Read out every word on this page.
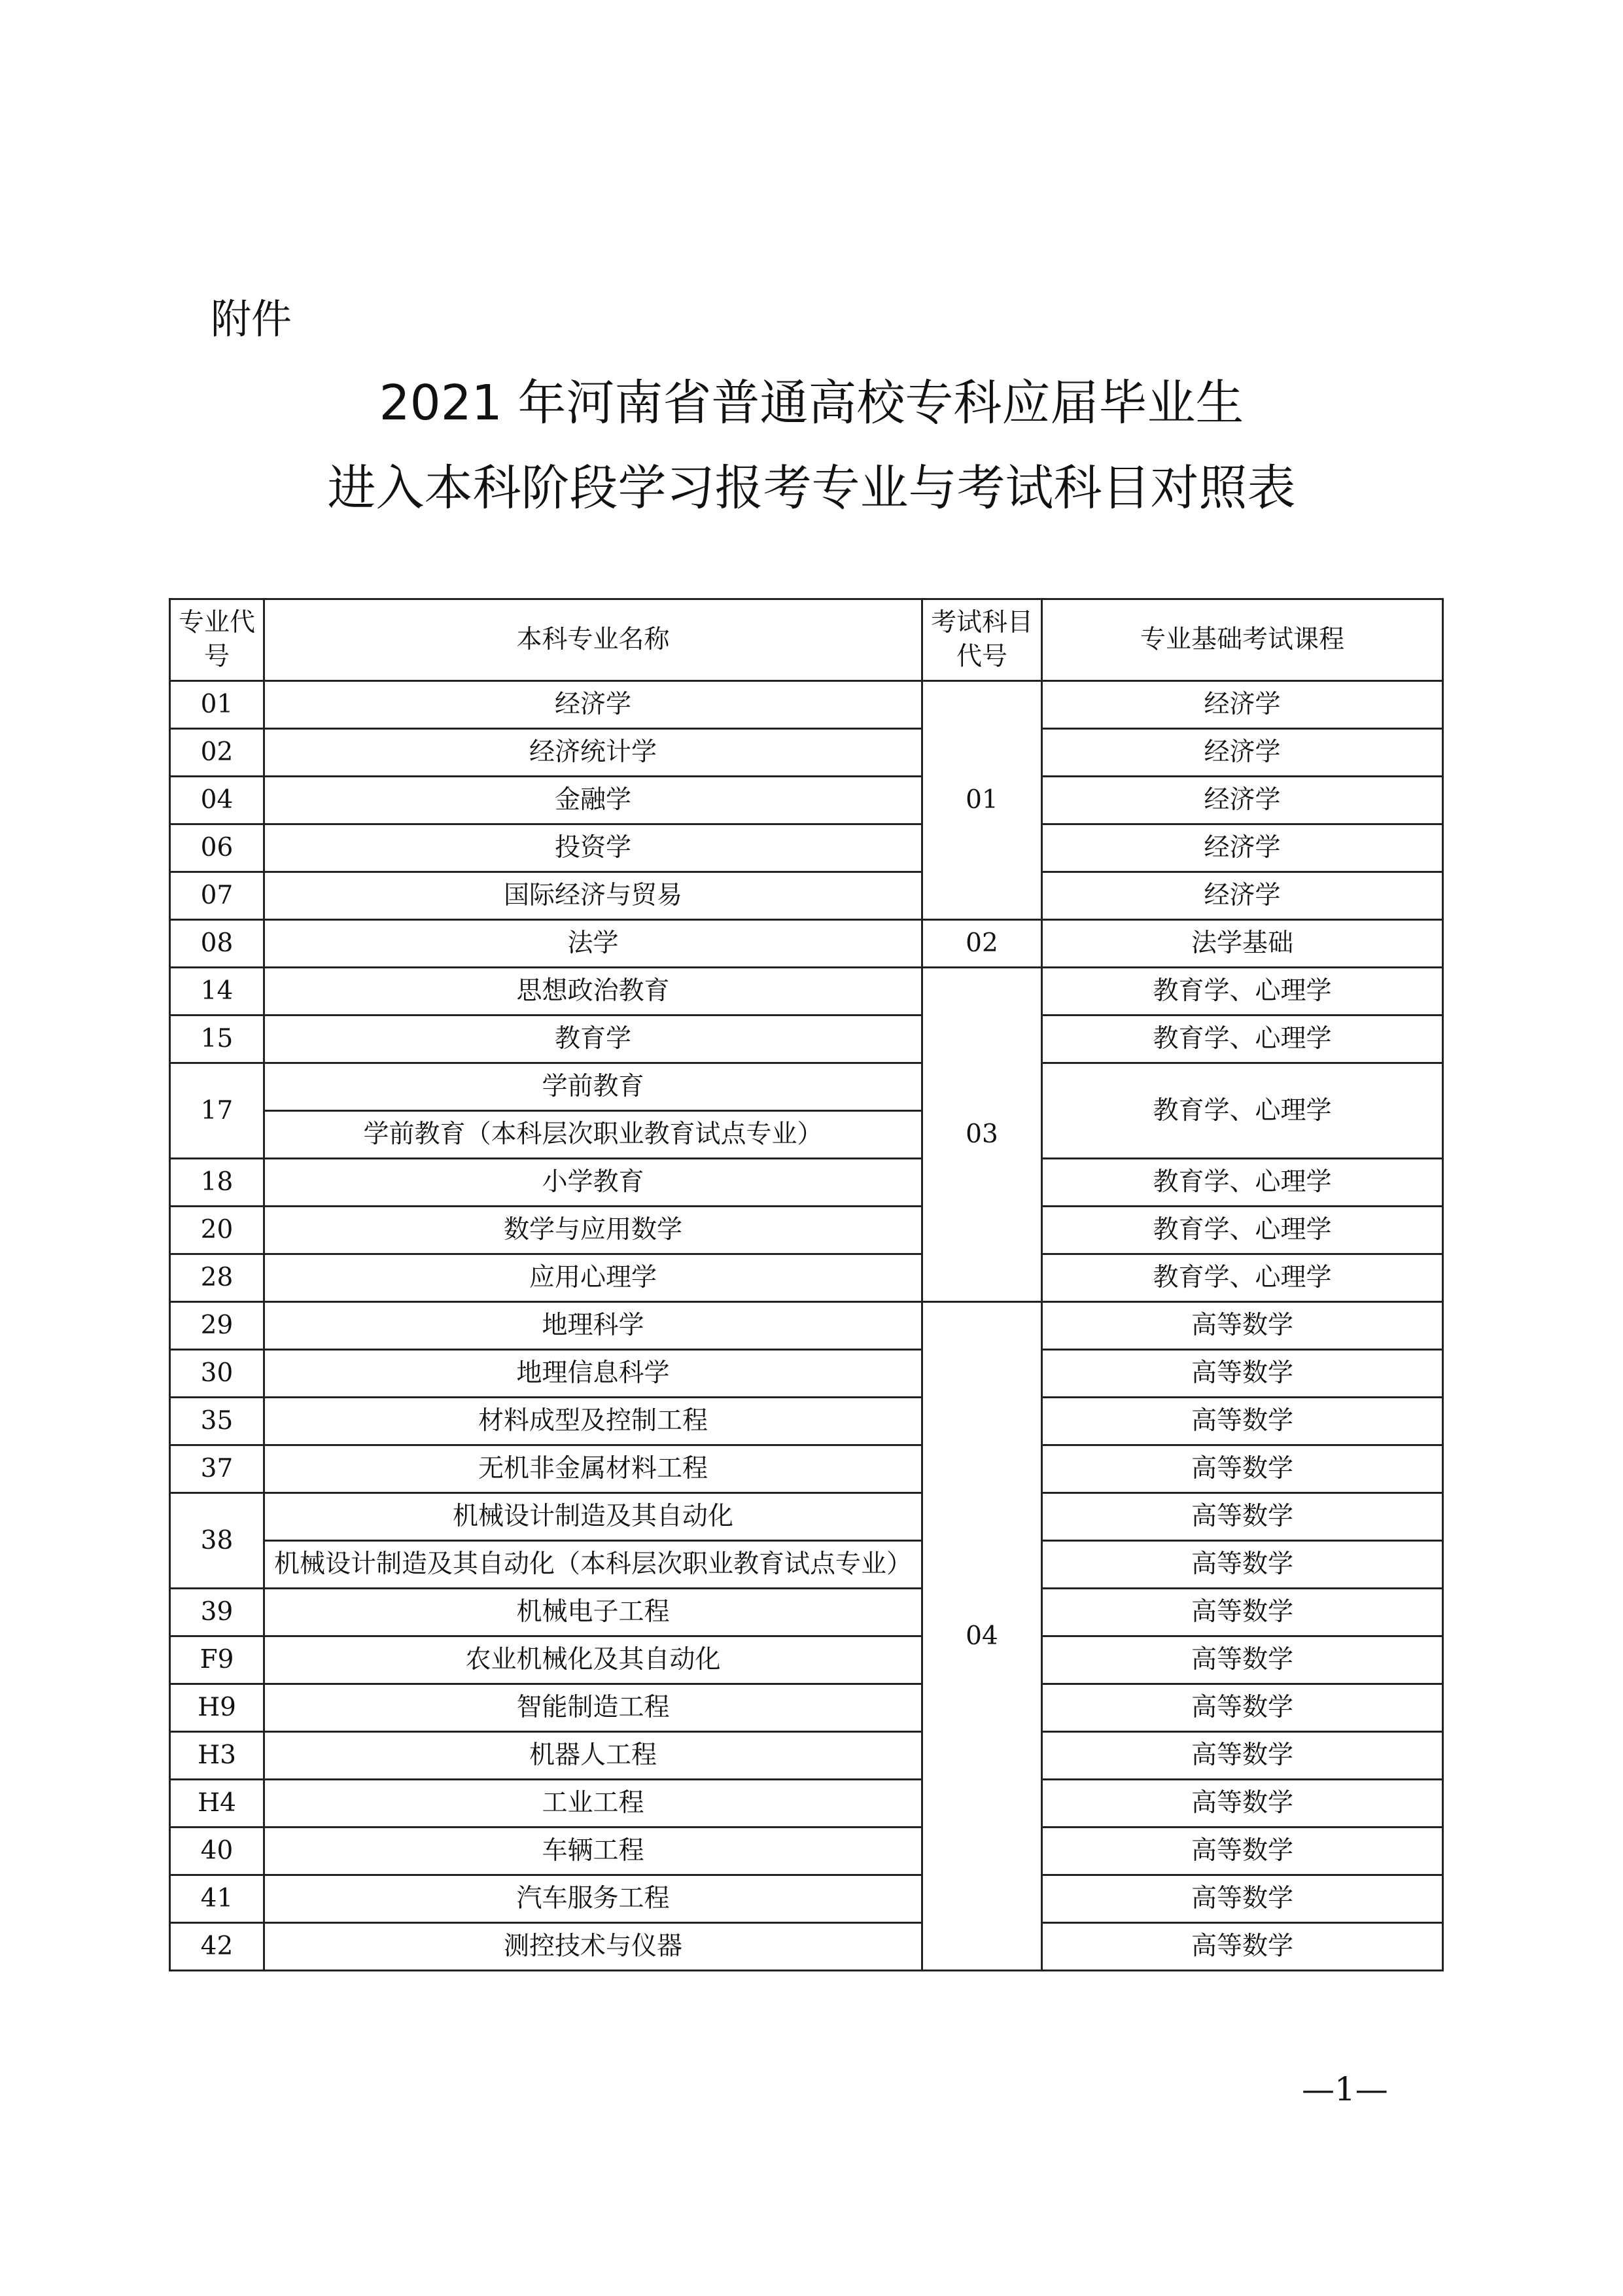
附件
2021 年河南省普通高校专科应届毕业生
进入本科阶段学习报考专业与考试科目对照表
专业代号	本科专业名称	考试科目代号	专业基础考试课程
01	经济学	01	经济学
02	经济统计学		经济学
04	金融学		经济学
06	投资学		经济学
07	国际经济与贸易		经济学
08	法学	02	法学基础
14	思想政治教育	03	教育学、心理学
15	教育学		教育学、心理学
17	学前教育		教育学、心理学
	学前教育（本科层次职业教育试点专业）		
18	小学教育		教育学、心理学
20	数学与应用数学		教育学、心理学
28	应用心理学		教育学、心理学
29	地理科学	04	高等数学
30	地理信息科学		高等数学
35	材料成型及控制工程		高等数学
37	无机非金属材料工程		高等数学
38	机械设计制造及其自动化		高等数学
	机械设计制造及其自动化（本科层次职业教育试点专业）		高等数学
39	机械电子工程		高等数学
F9	农业机械化及其自动化		高等数学
H9	智能制造工程		高等数学
H3	机器人工程		高等数学
H4	工业工程		高等数学
40	车辆工程		高等数学
41	汽车服务工程		高等数学
42	测控技术与仪器		高等数学
—1—
